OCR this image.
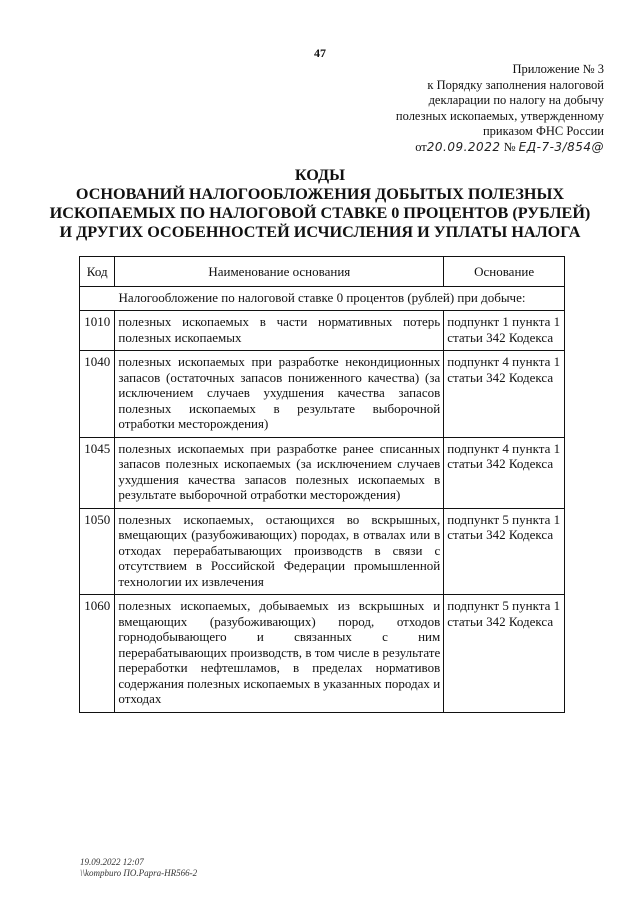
47
Приложение № 3
к Порядку заполнения налоговой
декларации по налогу на добычу
полезных ископаемых, утвержденному
приказом ФНС России
от20.09.2022 № ЕД-7-3/854@
КОДЫ
ОСНОВАНИЙ НАЛОГООБЛОЖЕНИЯ ДОБЫТЫХ ПОЛЕЗНЫХ
ИСКОПАЕМЫХ ПО НАЛОГОВОЙ СТАВКЕ 0 ПРОЦЕНТОВ (РУБЛЕЙ)
И ДРУГИХ ОСОБЕННОСТЕЙ ИСЧИСЛЕНИЯ И УПЛАТЫ НАЛОГА
Код	Наименование основания	Основание
Налогообложение по налоговой ставке 0 процентов (рублей) при добыче:		
1010	полезных ископаемых в части нормативных потерь полезных ископаемых	подпункт 1 пункта 1 статьи 342 Кодекса
1040	полезных ископаемых при разработке некондиционных запасов (остаточных запасов пониженного качества) (за исключением случаев ухудшения качества запасов полезных ископаемых в результате выборочной отработки месторождения)	подпункт 4 пункта 1 статьи 342 Кодекса
1045	полезных ископаемых при разработке ранее списанных запасов полезных ископаемых (за исключением случаев ухудшения качества запасов полезных ископаемых в результате выборочной отработки месторождения)	подпункт 4 пункта 1 статьи 342 Кодекса
1050	полезных ископаемых, остающихся во вскрышных, вмещающих (разубоживающих) породах, в отвалах или в отходах перерабатывающих производств в связи с отсутствием в Российской Федерации промышленной технологии их извлечения	подпункт 5 пункта 1 статьи 342 Кодекса
1060	полезных ископаемых, добываемых из вскрышных и вмещающих (разубоживающих) пород, отходов горнодобывающего и связанных с ним перерабатывающих производств, в том числе в результате переработки нефтешламов, в пределах нормативов содержания полезных ископаемых в указанных породах и отходах	подпункт 5 пункта 1 статьи 342 Кодекса
19.09.2022 12:07
\\kompburo ПО.Рapra-HR566-2
